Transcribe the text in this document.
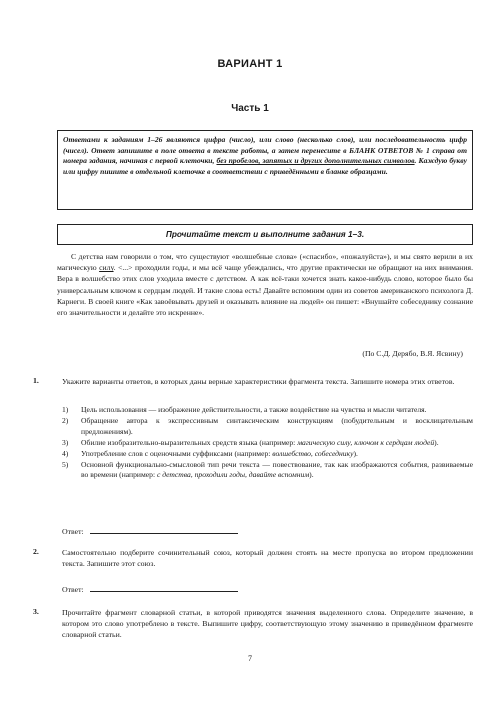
ВАРИАНТ 1
Часть 1
Ответами к заданиям 1–26 являются цифра (число), или слово (несколько слов), или последовательность цифр (чисел). Ответ запишите в поле ответа в тексте работы, а затем перенесите в БЛАНК ОТВЕТОВ № 1 справа от номера задания, начиная с первой клеточки, без пробелов, запятых и других дополнительных символов. Каждую букву или цифру пишите в отдельной клеточке в соответствии с приведёнными в бланке образцами.
Прочитайте текст и выполните задания 1–3.
С детства нам говорили о том, что существуют «волшебные слова» («спасибо», «пожалуйста»), и мы свято верили в их магическую силу. <...> проходили годы, и мы всё чаще убеждались, что другие практически не обращают на них внимания. Вера в волшебство этих слов уходила вместе с детством. А как всё-таки хочется знать какое-нибудь слово, которое было бы универсальным ключом к сердцам людей. И такие слова есть! Давайте вспомним один из советов американского психолога Д. Карнеги. В своей книге «Как завоёвывать друзей и оказывать влияние на людей» он пишет: «Внушайте собеседнику сознание его значительности и делайте это искренне».
(По С.Д. Дерябо, В.Я. Ясвину)
1.	Укажите варианты ответов, в которых даны верные характеристики фрагмента текста. Запишите номера этих ответов.
1)	Цель использования — изображение действительности, а также воздействие на чувства и мысли читателя.
2)	Обращение автора к экспрессивным синтаксическим конструкциям (побудительным и восклицательным предложениям).
3)	Обилие изобразительно-выразительных средств языка (например: магическую силу, ключом к сердцам людей).
4)	Употребление слов с оценочными суффиксами (например: волшебство, собеседнику).
5)	Основной функционально-смысловой тип речи текста — повествование, так как изображаются события, развиваемые во времени (например: с детства, проходили годы, давайте вспомним).
Ответ:
2.	Самостоятельно подберите сочинительный союз, который должен стоять на месте пропуска во втором предложении текста. Запишите этот союз.
Ответ:
3.	Прочитайте фрагмент словарной статьи, в которой приводятся значения выделенного слова. Определите значение, в котором это слово употреблено в тексте. Выпишите цифру, соответствующую этому значению в приведённом фрагменте словарной статьи.
7
